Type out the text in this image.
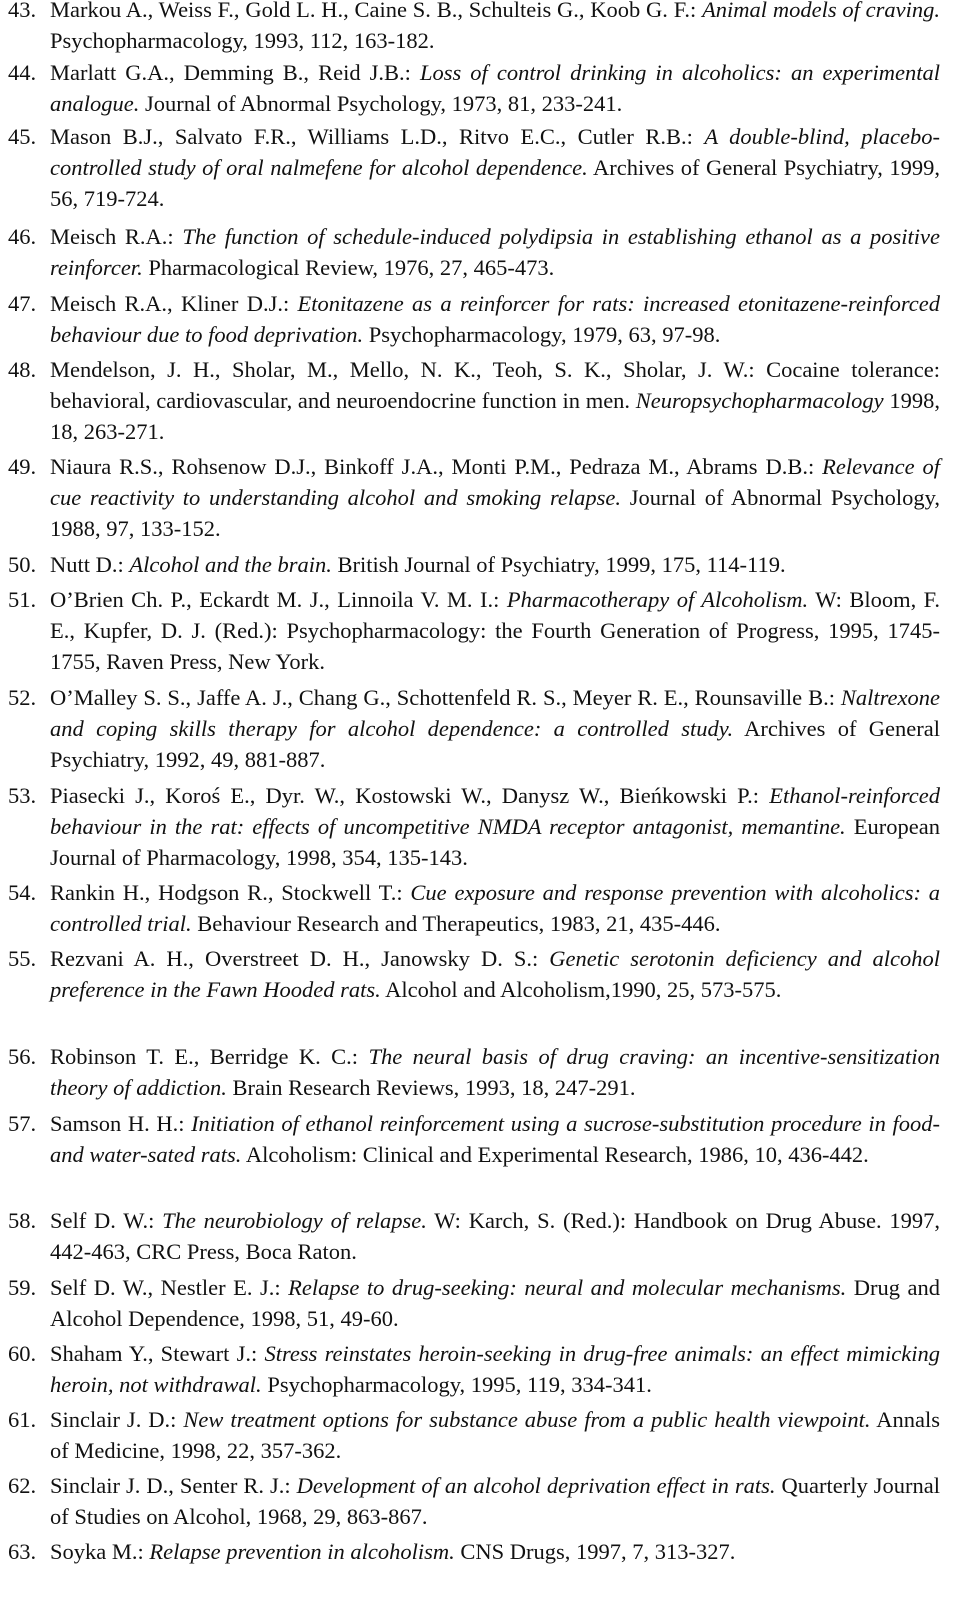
43. Markou A., Weiss F., Gold L. H., Caine S. B., Schulteis G., Koob G. F.: Animal models of craving. Psychopharmacology, 1993, 112, 163-182.
44. Marlatt G.A., Demming B., Reid J.B.: Loss of control drinking in alcoholics: an experimental analogue. Journal of Abnormal Psychology, 1973, 81, 233-241.
45. Mason B.J., Salvato F.R., Williams L.D., Ritvo E.C., Cutler R.B.: A double-blind, placebo-controlled study of oral nalmefene for alcohol dependence. Archives of General Psychiatry, 1999, 56, 719-724.
46. Meisch R.A.: The function of schedule-induced polydipsia in establishing ethanol as a positive reinforcer. Pharmacological Review, 1976, 27, 465-473.
47. Meisch R.A., Kliner D.J.: Etonitazene as a reinforcer for rats: increased etonitazene-reinforced behaviour due to food deprivation. Psychopharmacology, 1979, 63, 97-98.
48. Mendelson, J. H., Sholar, M., Mello, N. K., Teoh, S. K., Sholar, J. W.: Cocaine tolerance: behavioral, cardiovascular, and neuroendocrine function in men. Neuropsychopharmacology 1998, 18, 263-271.
49. Niaura R.S., Rohsenow D.J., Binkoff J.A., Monti P.M., Pedraza M., Abrams D.B.: Relevance of cue reactivity to understanding alcohol and smoking relapse. Journal of Abnormal Psychology, 1988, 97, 133-152.
50. Nutt D.: Alcohol and the brain. British Journal of Psychiatry, 1999, 175, 114-119.
51. O’Brien Ch. P., Eckardt M. J., Linnoila V. M. I.: Pharmacotherapy of Alcoholism. W: Bloom, F. E., Kupfer, D. J. (Red.): Psychopharmacology: the Fourth Generation of Progress, 1995, 1745-1755, Raven Press, New York.
52. O’Malley S. S., Jaffe A. J., Chang G., Schottenfeld R. S., Meyer R. E., Rounsaville B.: Naltrexone and coping skills therapy for alcohol dependence: a controlled study. Archives of General Psychiatry, 1992, 49, 881-887.
53. Piasecki J., Koroś E., Dyr. W., Kostowski W., Danysz W., Bieńkowski P.: Ethanol-reinforced behaviour in the rat: effects of uncompetitive NMDA receptor antagonist, memantine. European Journal of Pharmacology, 1998, 354, 135-143.
54. Rankin H., Hodgson R., Stockwell T.: Cue exposure and response prevention with alcoholics: a controlled trial. Behaviour Research and Therapeutics, 1983, 21, 435-446.
55. Rezvani A. H., Overstreet D. H., Janowsky D. S.: Genetic serotonin deficiency and alcohol preference in the Fawn Hooded rats. Alcohol and Alcoholism,1990, 25, 573-575.
56. Robinson T. E., Berridge K. C.: The neural basis of drug craving: an incentive-sensitization theory of addiction. Brain Research Reviews, 1993, 18, 247-291.
57. Samson H. H.: Initiation of ethanol reinforcement using a sucrose-substitution procedure in food- and water-sated rats. Alcoholism: Clinical and Experimental Research, 1986, 10, 436-442.
58. Self D. W.: The neurobiology of relapse. W: Karch, S. (Red.): Handbook on Drug Abuse. 1997, 442-463, CRC Press, Boca Raton.
59. Self D. W., Nestler E. J.: Relapse to drug-seeking: neural and molecular mechanisms. Drug and Alcohol Dependence, 1998, 51, 49-60.
60. Shaham Y., Stewart J.: Stress reinstates heroin-seeking in drug-free animals: an effect mimicking heroin, not withdrawal. Psychopharmacology, 1995, 119, 334-341.
61. Sinclair J. D.: New treatment options for substance abuse from a public health viewpoint. Annals of Medicine, 1998, 22, 357-362.
62. Sinclair J. D., Senter R. J.: Development of an alcohol deprivation effect in rats. Quarterly Journal of Studies on Alcohol, 1968, 29, 863-867.
63. Soyka M.: Relapse prevention in alcoholism. CNS Drugs, 1997, 7, 313-327.
